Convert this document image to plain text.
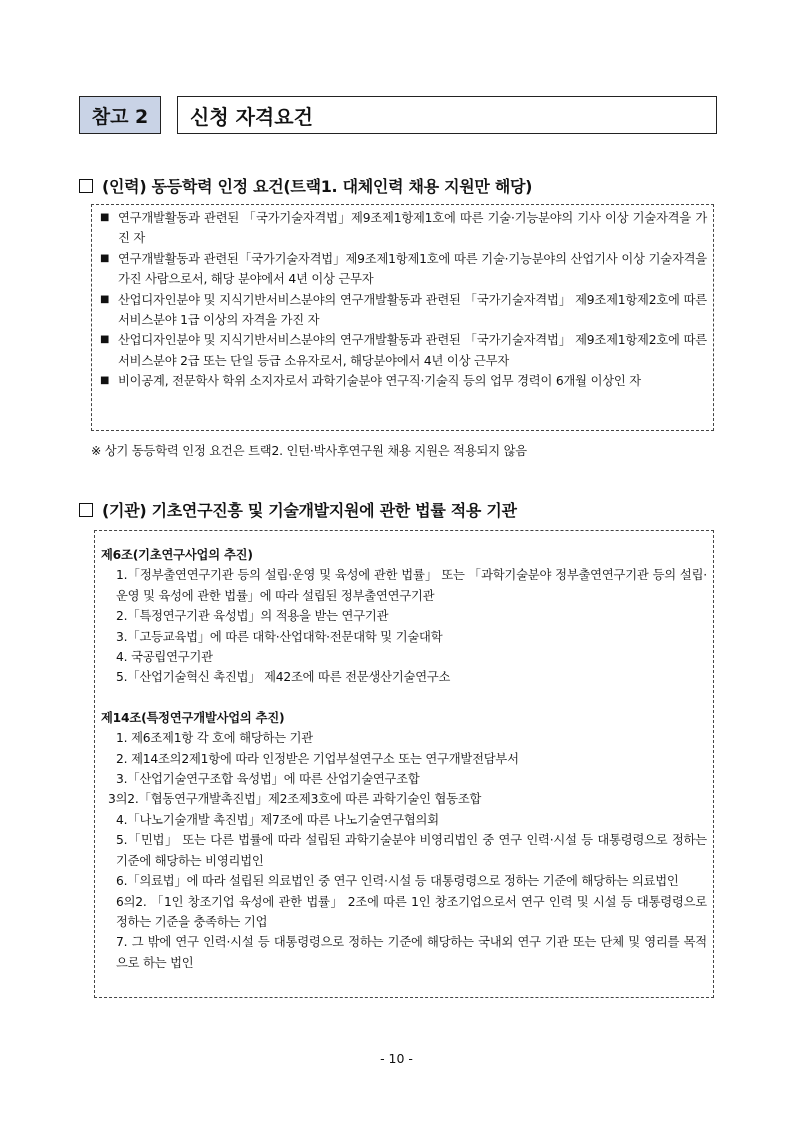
참고 2	신청 자격요건
(인력) 동등학력 인정 요건(트랙1. 대체인력 채용 지원만 해당)
■ 연구개발활동과 관련된 「국가기술자격법」제9조제1항제1호에 따른 기술·기능분야의 기사 이상 기술자격을 가진 자
■ 연구개발활동과 관련된「국가기술자격법」제9조제1항제1호에 따른 기술·기능분야의 산업기사 이상 기술자격을 가진 사람으로서, 해당 분야에서 4년 이상 근무자
■ 산업디자인분야 및 지식기반서비스분야의 연구개발활동과 관련된 「국가기술자격법」 제9조제1항제2호에 따른 서비스분야 1급 이상의 자격을 가진 자
■ 산업디자인분야 및 지식기반서비스분야의 연구개발활동과 관련된 「국가기술자격법」 제9조제1항제2호에 따른 서비스분야 2급 또는 단일 등급 소유자로서, 해당분야에서 4년 이상 근무자
■ 비이공계, 전문학사 학위 소지자로서 과학기술분야 연구직·기술직 등의 업무 경력이 6개월 이상인 자
※ 상기 동등학력 인정 요건은 트랙2. 인턴·박사후연구원 채용 지원은 적용되지 않음
(기관) 기초연구진흥 및 기술개발지원에 관한 법률 적용 기관
제6조(기초연구사업의 추진)
1.「정부출연연구기관 등의 설립·운영 및 육성에 관한 법률」 또는 「과학기술분야 정부출연연구기관 등의 설립·운영 및 육성에 관한 법률」에 따라 설립된 정부출연연구기관
2.「특정연구기관 육성법」의 적용을 받는 연구기관
3.「고등교육법」에 따른 대학·산업대학·전문대학 및 기술대학
4. 국공립연구기관
5.「산업기술혁신 촉진법」 제42조에 따른 전문생산기술연구소
제14조(특정연구개발사업의 추진)
1. 제6조제1항 각 호에 해당하는 기관
2. 제14조의2제1항에 따라 인정받은 기업부설연구소 또는 연구개발전담부서
3.「산업기술연구조합 육성법」에 따른 산업기술연구조합
3의2.「협동연구개발촉진법」제2조제3호에 따른 과학기술인 협동조합
4.「나노기술개발 촉진법」제7조에 따른 나노기술연구협의회
5.「민법」 또는 다른 법률에 따라 설립된 과학기술분야 비영리법인 중 연구 인력·시설 등 대통령령으로 정하는 기준에 해당하는 비영리법인
6.「의료법」에 따라 설립된 의료법인 중 연구 인력·시설 등 대통령령으로 정하는 기준에 해당하는 의료법인
6의2. 「1인 창조기업 육성에 관한 법률」 2조에 따른 1인 창조기업으로서 연구 인력 및 시설 등 대통령령으로 정하는 기준을 충족하는 기업
7. 그 밖에 연구 인력·시설 등 대통령령으로 정하는 기준에 해당하는 국내외 연구 기관 또는 단체 및 영리를 목적으로 하는 법인
- 10 -
